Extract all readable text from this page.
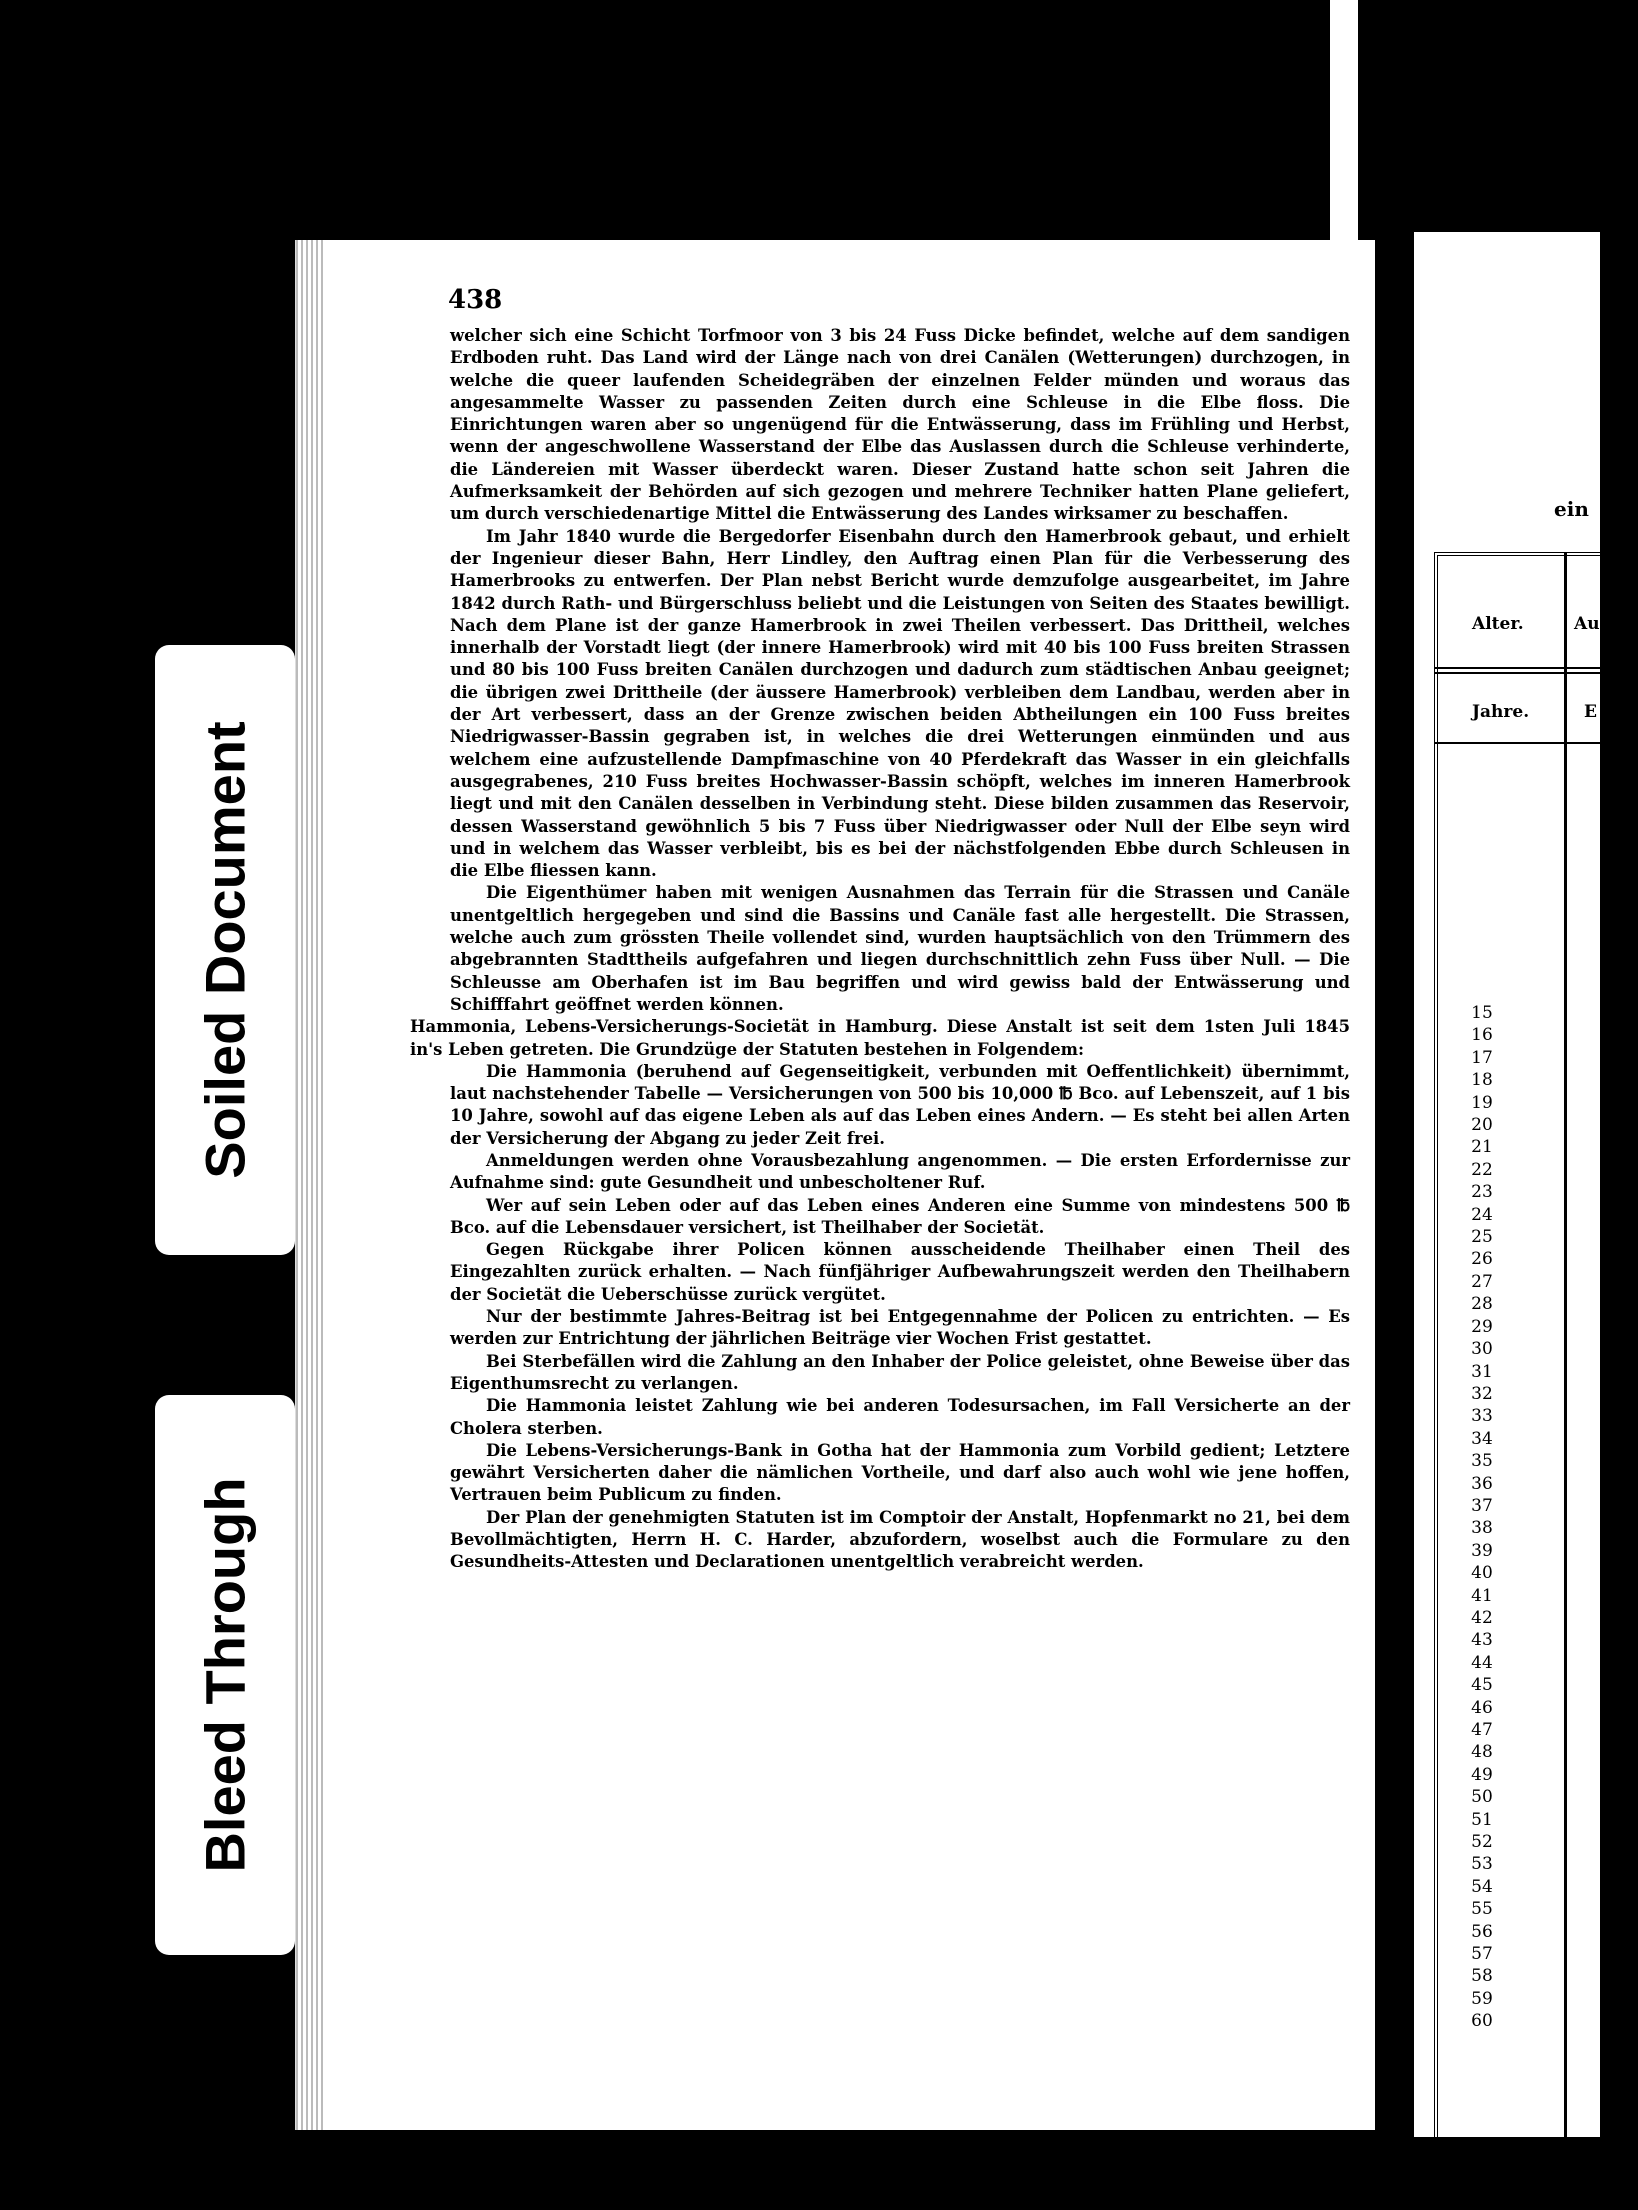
438

welcher sich eine Schicht Torfmoor von 3 bis 24 Fuss Dicke befindet, welche auf dem sandigen Erdboden ruht. Das Land wird der Länge nach von drei Canälen (Wetterungen) durchzogen, in welche die queer laufenden Scheidegräben der einzelnen Felder münden und woraus das angesammelte Wasser zu passenden Zeiten durch eine Schleuse in die Elbe floss. Die Einrichtungen waren aber so ungenügend für die Entwässerung, dass im Frühling und Herbst, wenn der angeschwollene Wasserstand der Elbe das Auslassen durch die Schleuse verhinderte, die Ländereien mit Wasser überdeckt waren. Dieser Zustand hatte schon seit Jahren die Aufmerksamkeit der Behörden auf sich gezogen und mehrere Techniker hatten Plane geliefert, um durch verschiedenartige Mittel die Entwässerung des Landes wirksamer zu beschaffen.

Im Jahr 1840 wurde die Bergedorfer Eisenbahn durch den Hamerbrook gebaut, und erhielt der Ingenieur dieser Bahn, Herr Lindley, den Auftrag einen Plan für die Verbesserung des Hamerbrooks zu entwerfen. Der Plan nebst Bericht wurde demzufolge ausgearbeitet, im Jahre 1842 durch Rath- und Bürgerschluss beliebt und die Leistungen von Seiten des Staates bewilligt. Nach dem Plane ist der ganze Hamerbrook in zwei Theilen verbessert. Das Drittheil, welches innerhalb der Vorstadt liegt (der innere Hamerbrook) wird mit 40 bis 100 Fuss breiten Strassen und 80 bis 100 Fuss breiten Canälen durchzogen und dadurch zum städtischen Anbau geeignet; die übrigen zwei Drittheile (der äussere Hamerbrook) verbleiben dem Landbau, werden aber in der Art verbessert, dass an der Grenze zwischen beiden Abtheilungen ein 100 Fuss breites Niedrigwasser-Bassin gegraben ist, in welches die drei Wetterungen einmünden und aus welchem eine aufzustellende Dampfmaschine von 40 Pferdekraft das Wasser in ein gleichfalls ausgegrabenes, 210 Fuss breites Hochwasser-Bassin schöpft, welches im inneren Hamerbrook liegt und mit den Canälen desselben in Verbindung steht. Diese bilden zusammen das Reservoir, dessen Wasserstand gewöhnlich 5 bis 7 Fuss über Niedrigwasser oder Null der Elbe seyn wird und in welchem das Wasser verbleibt, bis es bei der nächstfolgenden Ebbe durch Schleusen in die Elbe fliessen kann.

Die Eigenthümer haben mit wenigen Ausnahmen das Terrain für die Strassen und Canäle unentgeltlich hergegeben und sind die Bassins und Canäle fast alle hergestellt. Die Strassen, welche auch zum grössten Theile vollendet sind, wurden hauptsächlich von den Trümmern des abgebrannten Stadttheils aufgefahren und liegen durchschnittlich zehn Fuss über Null. — Die Schleusse am Oberhafen ist im Bau begriffen und wird gewiss bald der Entwässerung und Schifffahrt geöffnet werden können.

Hammonia, Lebens-Versicherungs-Societät in Hamburg. Diese Anstalt ist seit dem 1sten Juli 1845 in's Leben getreten. Die Grundzüge der Statuten bestehen in Folgendem:

Die Hammonia (beruhend auf Gegenseitigkeit, verbunden mit Oeffentlichkeit) übernimmt, laut nachstehender Tabelle — Versicherungen von 500 bis 10,000 ℔ Bco. auf Lebenszeit, auf 1 bis 10 Jahre, sowohl auf das eigene Leben als auf das Leben eines Andern. — Es steht bei allen Arten der Versicherung der Abgang zu jeder Zeit frei.

Anmeldungen werden ohne Vorausbezahlung angenommen. — Die ersten Erfordernisse zur Aufnahme sind: gute Gesundheit und unbescholtener Ruf.

Wer auf sein Leben oder auf das Leben eines Anderen eine Summe von mindestens 500 ℔ Bco. auf die Lebensdauer versichert, ist Theilhaber der Societät.

Gegen Rückgabe ihrer Policen können ausscheidende Theilhaber einen Theil des Eingezahlten zurück erhalten. — Nach fünfjähriger Aufbewahrungszeit werden den Theilhabern der Societät die Ueberschüsse zurück vergütet.

Nur der bestimmte Jahres-Beitrag ist bei Entgegennahme der Policen zu entrichten. — Es werden zur Entrichtung der jährlichen Beiträge vier Wochen Frist gestattet.

Bei Sterbefällen wird die Zahlung an den Inhaber der Police geleistet, ohne Beweise über das Eigenthumsrecht zu verlangen.

Die Hammonia leistet Zahlung wie bei anderen Todesursachen, im Fall Versicherte an der Cholera sterben.

Die Lebens-Versicherungs-Bank in Gotha hat der Hammonia zum Vorbild gedient; Letztere gewährt Versicherten daher die nämlichen Vortheile, und darf also auch wohl wie jene hoffen, Vertrauen beim Publicum zu finden.

Der Plan der genehmigten Statuten ist im Comptoir der Anstalt, Hopfenmarkt no 21, bei dem Bevollmächtigten, Herrn H. C. Harder, abzufordern, woselbst auch die Formulare zu den Gesundheits-Attesten und Declarationen unentgeltlich verabreicht werden.

ein
Alter.	Au
Jahre.	E
15
16
17
18
19
20
21
22
23
24
25
26
27
28
29
30
31
32
33
34
35
36
37
38
39
40
41
42
43
44
45
46
47
48
49
50
51
52
53
54
55
56
57
58
59
60
500 ℔ Bco.
Soiled Document
Bleed Through
